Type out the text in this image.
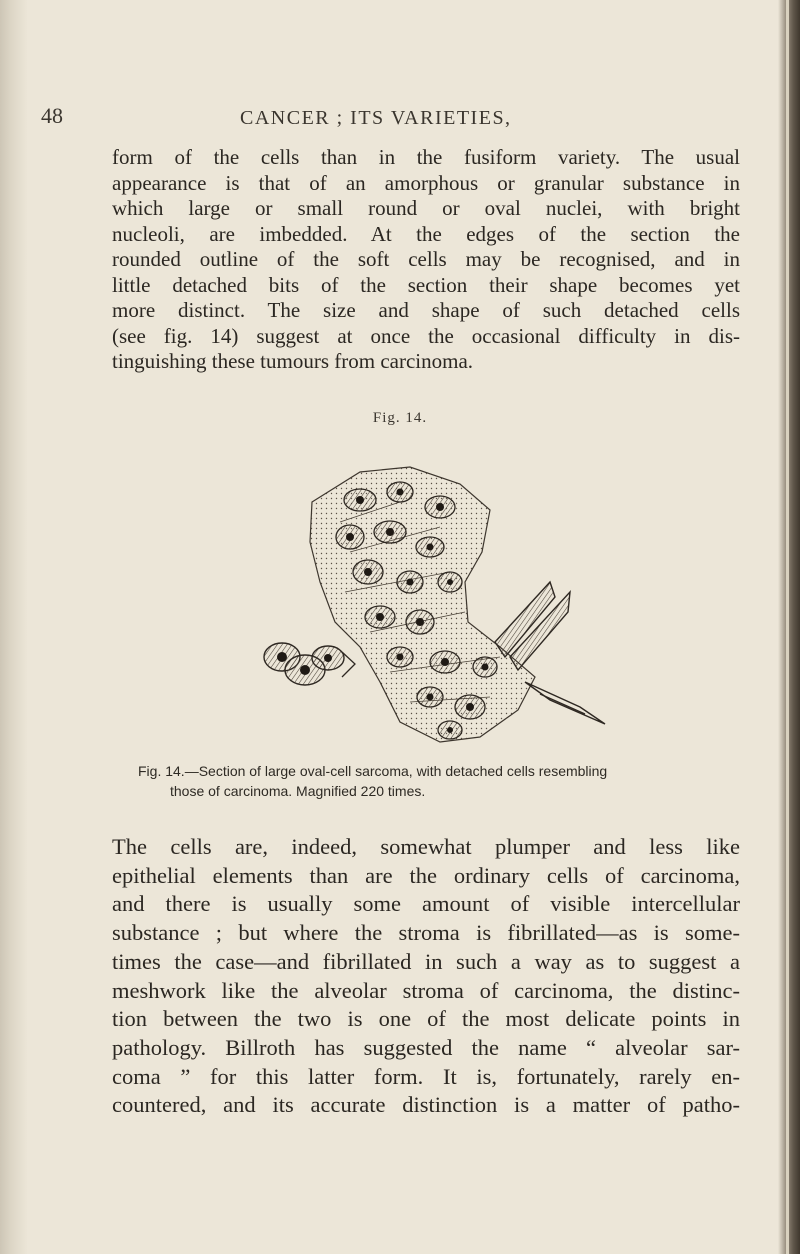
48	CANCER ; ITS VARIETIES,
form of the cells than in the fusiform variety. The usual
appearance is that of an amorphous or granular substance in
which large or small round or oval nuclei, with bright
nucleoli, are imbedded. At the edges of the section the
rounded outline of the soft cells may be recognised, and in
little detached bits of the section their shape becomes yet
more distinct. The size and shape of such detached cells
(see fig. 14) suggest at once the occasional difficulty in dis-
tinguishing these tumours from carcinoma.
Fig. 14.
Fig. 14.—Section of large oval-cell sarcoma, with detached cells resembling
those of carcinoma. Magnified 220 times.
The cells are, indeed, somewhat plumper and less like
epithelial elements than are the ordinary cells of carcinoma,
and there is usually some amount of visible intercellular
substance ; but where the stroma is fibrillated—as is some-
times the case—and fibrillated in such a way as to suggest a
meshwork like the alveolar stroma of carcinoma, the distinc-
tion between the two is one of the most delicate points in
pathology. Billroth has suggested the name “ alveolar sar-
coma ” for this latter form. It is, fortunately, rarely en-
countered, and its accurate distinction is a matter of patho-
